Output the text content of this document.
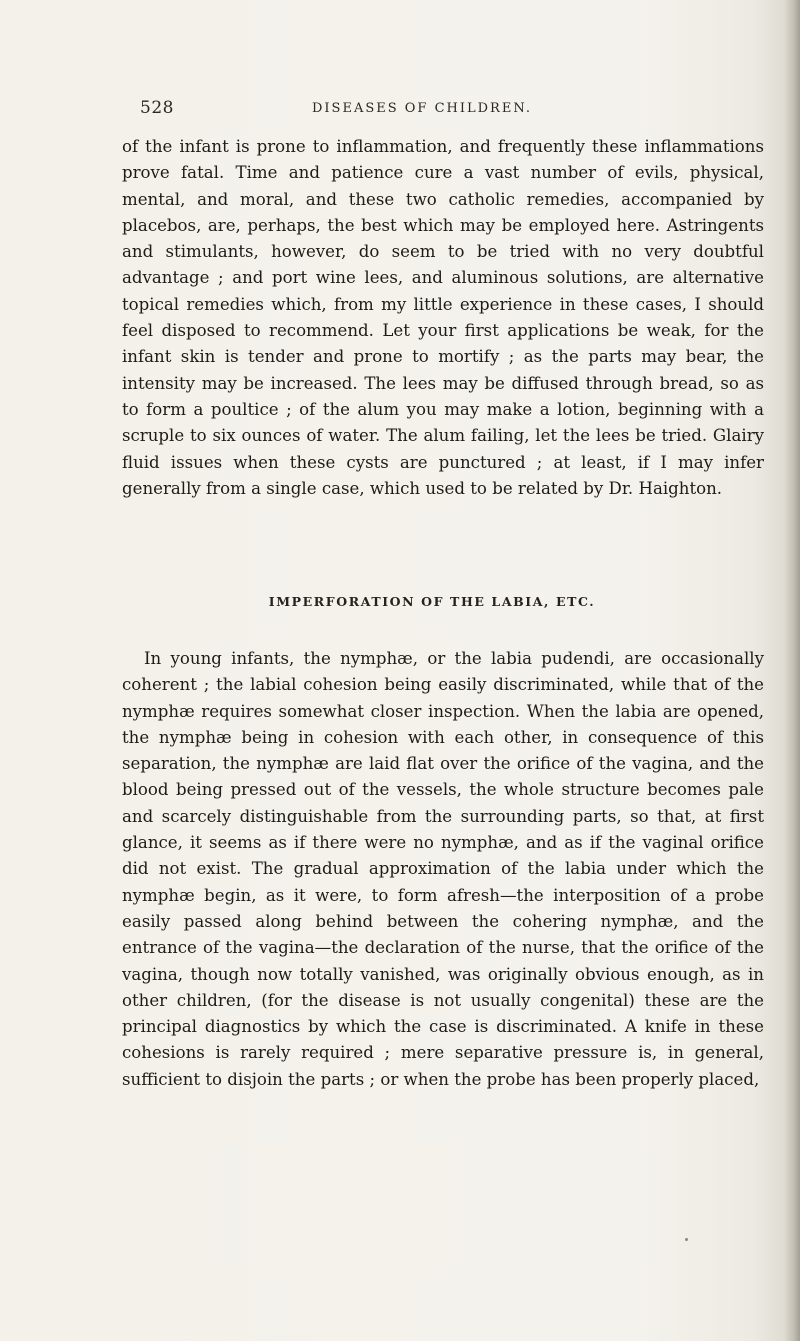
528	DISEASES OF CHILDREN.

of the infant is prone to inflammation, and frequently these inflammations prove fatal. Time and patience cure a vast number of evils, physical, mental, and moral, and these two catholic remedies, accompanied by placebos, are, perhaps, the best which may be employed here. Astringents and stimulants, however, do seem to be tried with no very doubtful advantage ; and port wine lees, and aluminous solutions, are alternative topical remedies which, from my little experience in these cases, I should feel disposed to recommend. Let your first applications be weak, for the infant skin is tender and prone to mortify ; as the parts may bear, the intensity may be increased. The lees may be diffused through bread, so as to form a poultice ; of the alum you may make a lotion, beginning with a scruple to six ounces of water. The alum failing, let the lees be tried. Glairy fluid issues when these cysts are punctured ; at least, if I may infer generally from a single case, which used to be related by Dr. Haighton.

IMPERFORATION OF THE LABIA, ETC.

In young infants, the nymphæ, or the labia pudendi, are occasionally coherent ; the labial cohesion being easily discriminated, while that of the nymphæ requires somewhat closer inspection. When the labia are opened, the nymphæ being in cohesion with each other, in consequence of this separation, the nymphæ are laid flat over the orifice of the vagina, and the blood being pressed out of the vessels, the whole structure becomes pale and scarcely distinguishable from the surrounding parts, so that, at first glance, it seems as if there were no nymphæ, and as if the vaginal orifice did not exist. The gradual approximation of the labia under which the nymphæ begin, as it were, to form afresh—the interposition of a probe easily passed along behind between the cohering nymphæ, and the entrance of the vagina—the declaration of the nurse, that the orifice of the vagina, though now totally vanished, was originally obvious enough, as in other children, (for the disease is not usually congenital) these are the principal diagnostics by which the case is discriminated. A knife in these cohesions is rarely required ; mere separative pressure is, in general, sufficient to disjoin the parts ; or when the probe has been properly placed,
